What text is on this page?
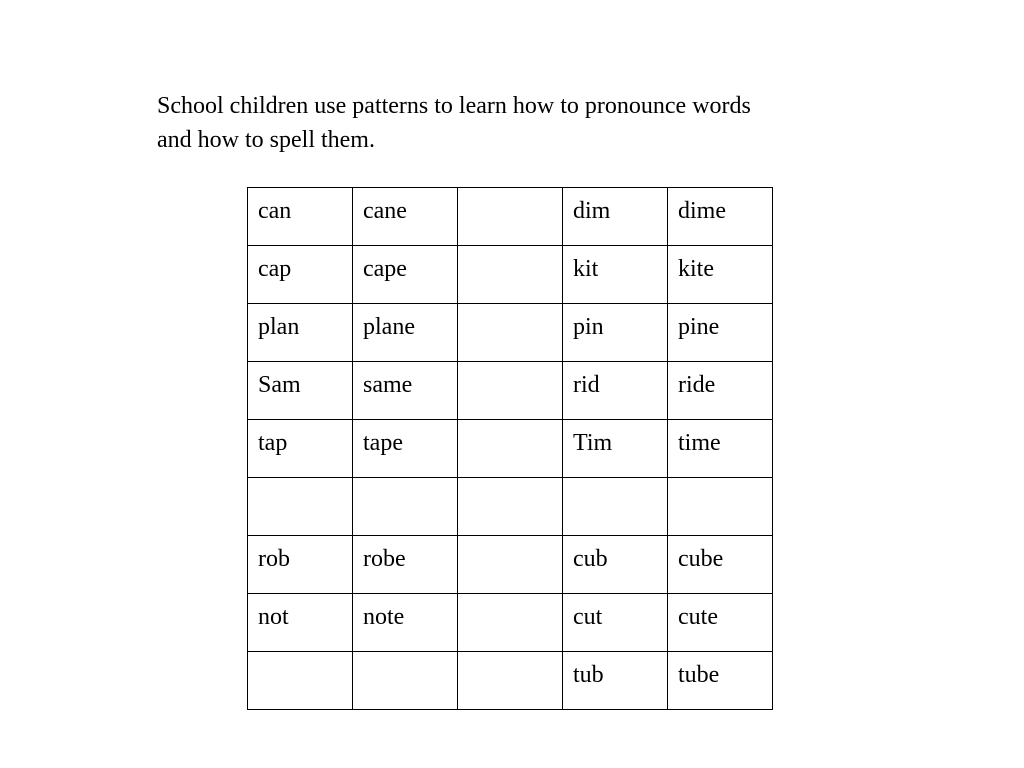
School children use patterns to learn how to pronounce words
and how to spell them.

can	cane		dim	dime
cap	cape		kit	kite
plan	plane		pin	pine
Sam	same		rid	ride
tap	tape		Tim	time

rob	robe		cub	cube
not	note		cut	cute
			tub	tube
